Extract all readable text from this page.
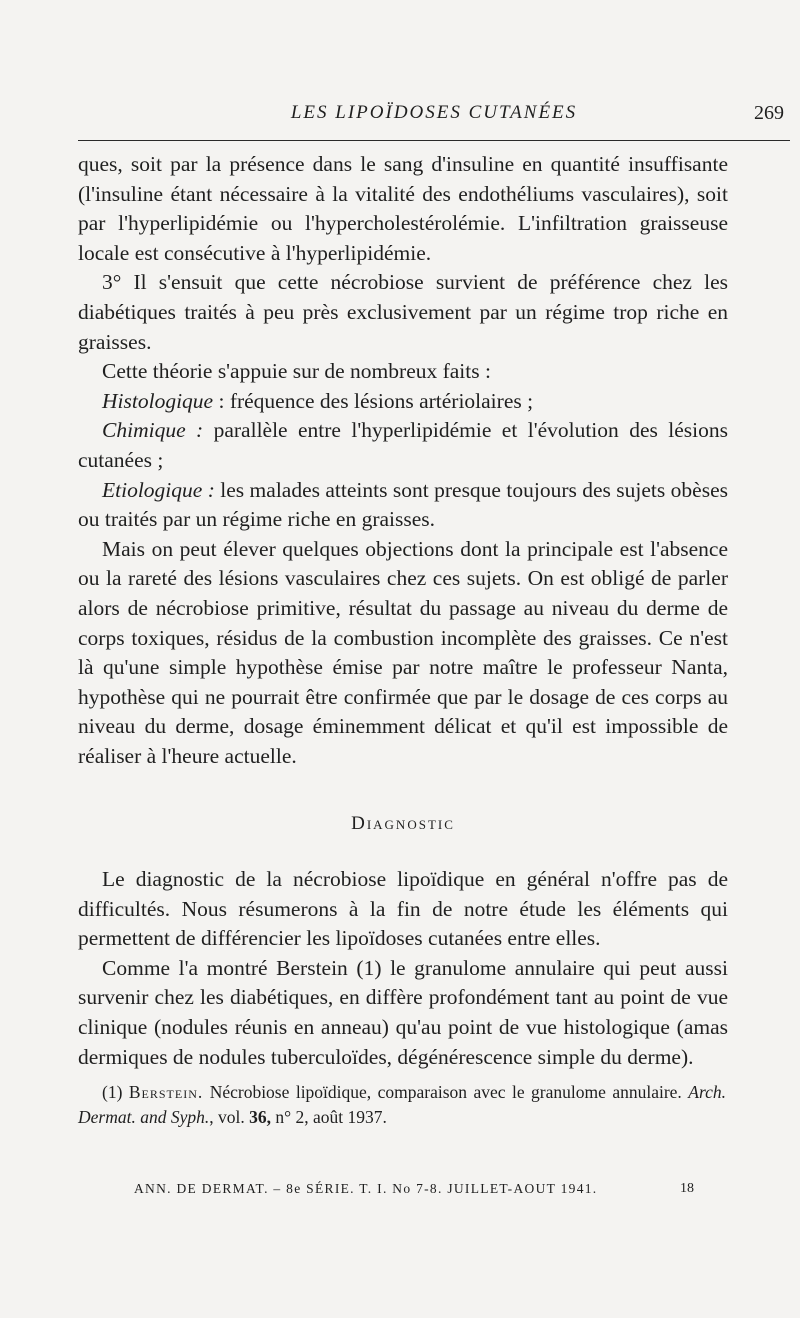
LES LIPOÏDOSES CUTANÉES	269

ques, soit par la présence dans le sang d'insuline en quantité insuffisante (l'insuline étant nécessaire à la vitalité des endothéliums vasculaires), soit par l'hyperlipidémie ou l'hypercholestérolémie. L'infiltration graisseuse locale est consécutive à l'hyperlipidémie.

3° Il s'ensuit que cette nécrobiose survient de préférence chez les diabétiques traités à peu près exclusivement par un régime trop riche en graisses.

Cette théorie s'appuie sur de nombreux faits :

Histologique : fréquence des lésions artériolaires ;

Chimique : parallèle entre l'hyperlipidémie et l'évolution des lésions cutanées ;

Etiologique : les malades atteints sont presque toujours des sujets obèses ou traités par un régime riche en graisses.

Mais on peut élever quelques objections dont la principale est l'absence ou la rareté des lésions vasculaires chez ces sujets. On est obligé de parler alors de nécrobiose primitive, résultat du passage au niveau du derme de corps toxiques, résidus de la combustion incomplète des graisses. Ce n'est là qu'une simple hypothèse émise par notre maître le professeur Nanta, hypothèse qui ne pourrait être confirmée que par le dosage de ces corps au niveau du derme, dosage éminemment délicat et qu'il est impossible de réaliser à l'heure actuelle.

Diagnostic

Le diagnostic de la nécrobiose lipoïdique en général n'offre pas de difficultés. Nous résumerons à la fin de notre étude les éléments qui permettent de différencier les lipoïdoses cutanées entre elles.

Comme l'a montré Berstein (1) le granulome annulaire qui peut aussi survenir chez les diabétiques, en diffère profondément tant au point de vue clinique (nodules réunis en anneau) qu'au point de vue histologique (amas dermiques de nodules tuberculoïdes, dégénérescence simple du derme).

(1) Berstein. Nécrobiose lipoïdique, comparaison avec le granulome annulaire. Arch. Dermat. and Syph., vol. 36, n° 2, août 1937.

ANN. DE DERMAT. – 8e SÉRIE. T. I. No 7-8. JUILLET-AOUT 1941.	18
